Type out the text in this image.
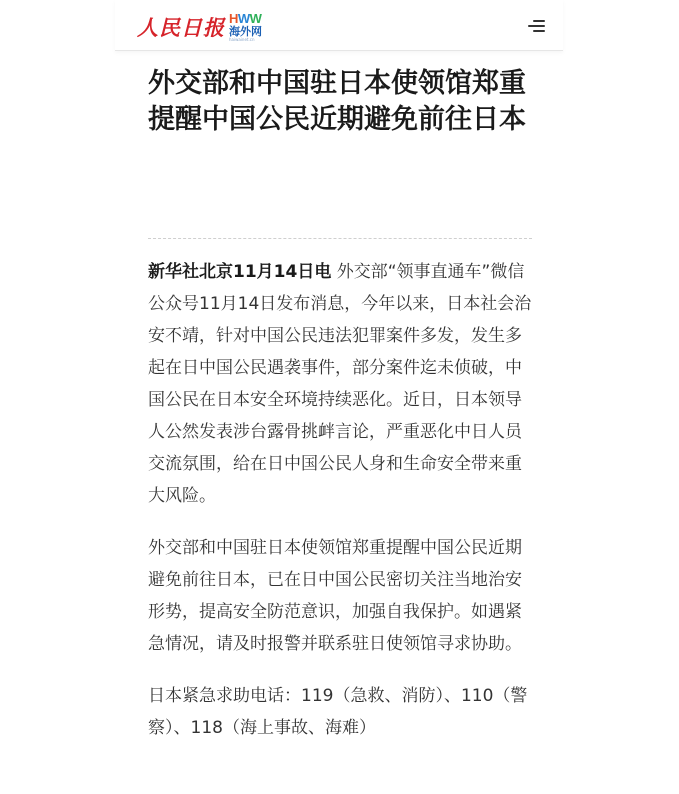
人民日报 HWW
海外网
haiwainet.cn
外交部和中国驻日本使领馆郑重提醒中国公民近期避免前往日本

新华社北京11月14日电 外交部“领事直通车”微信公众号11月14日发布消息，今年以来，日本社会治安不靖，针对中国公民违法犯罪案件多发，发生多起在日中国公民遇袭事件，部分案件迄未侦破，中国公民在日本安全环境持续恶化。近日，日本领导人公然发表涉台露骨挑衅言论，严重恶化中日人员交流氛围，给在日中国公民人身和生命安全带来重大风险。

外交部和中国驻日本使领馆郑重提醒中国公民近期避免前往日本，已在日中国公民密切关注当地治安形势，提高安全防范意识，加强自我保护。如遇紧急情况，请及时报警并联系驻日使领馆寻求协助。

日本紧急求助电话：119（急救、消防）、110（警察）、118（海上事故、海难）
